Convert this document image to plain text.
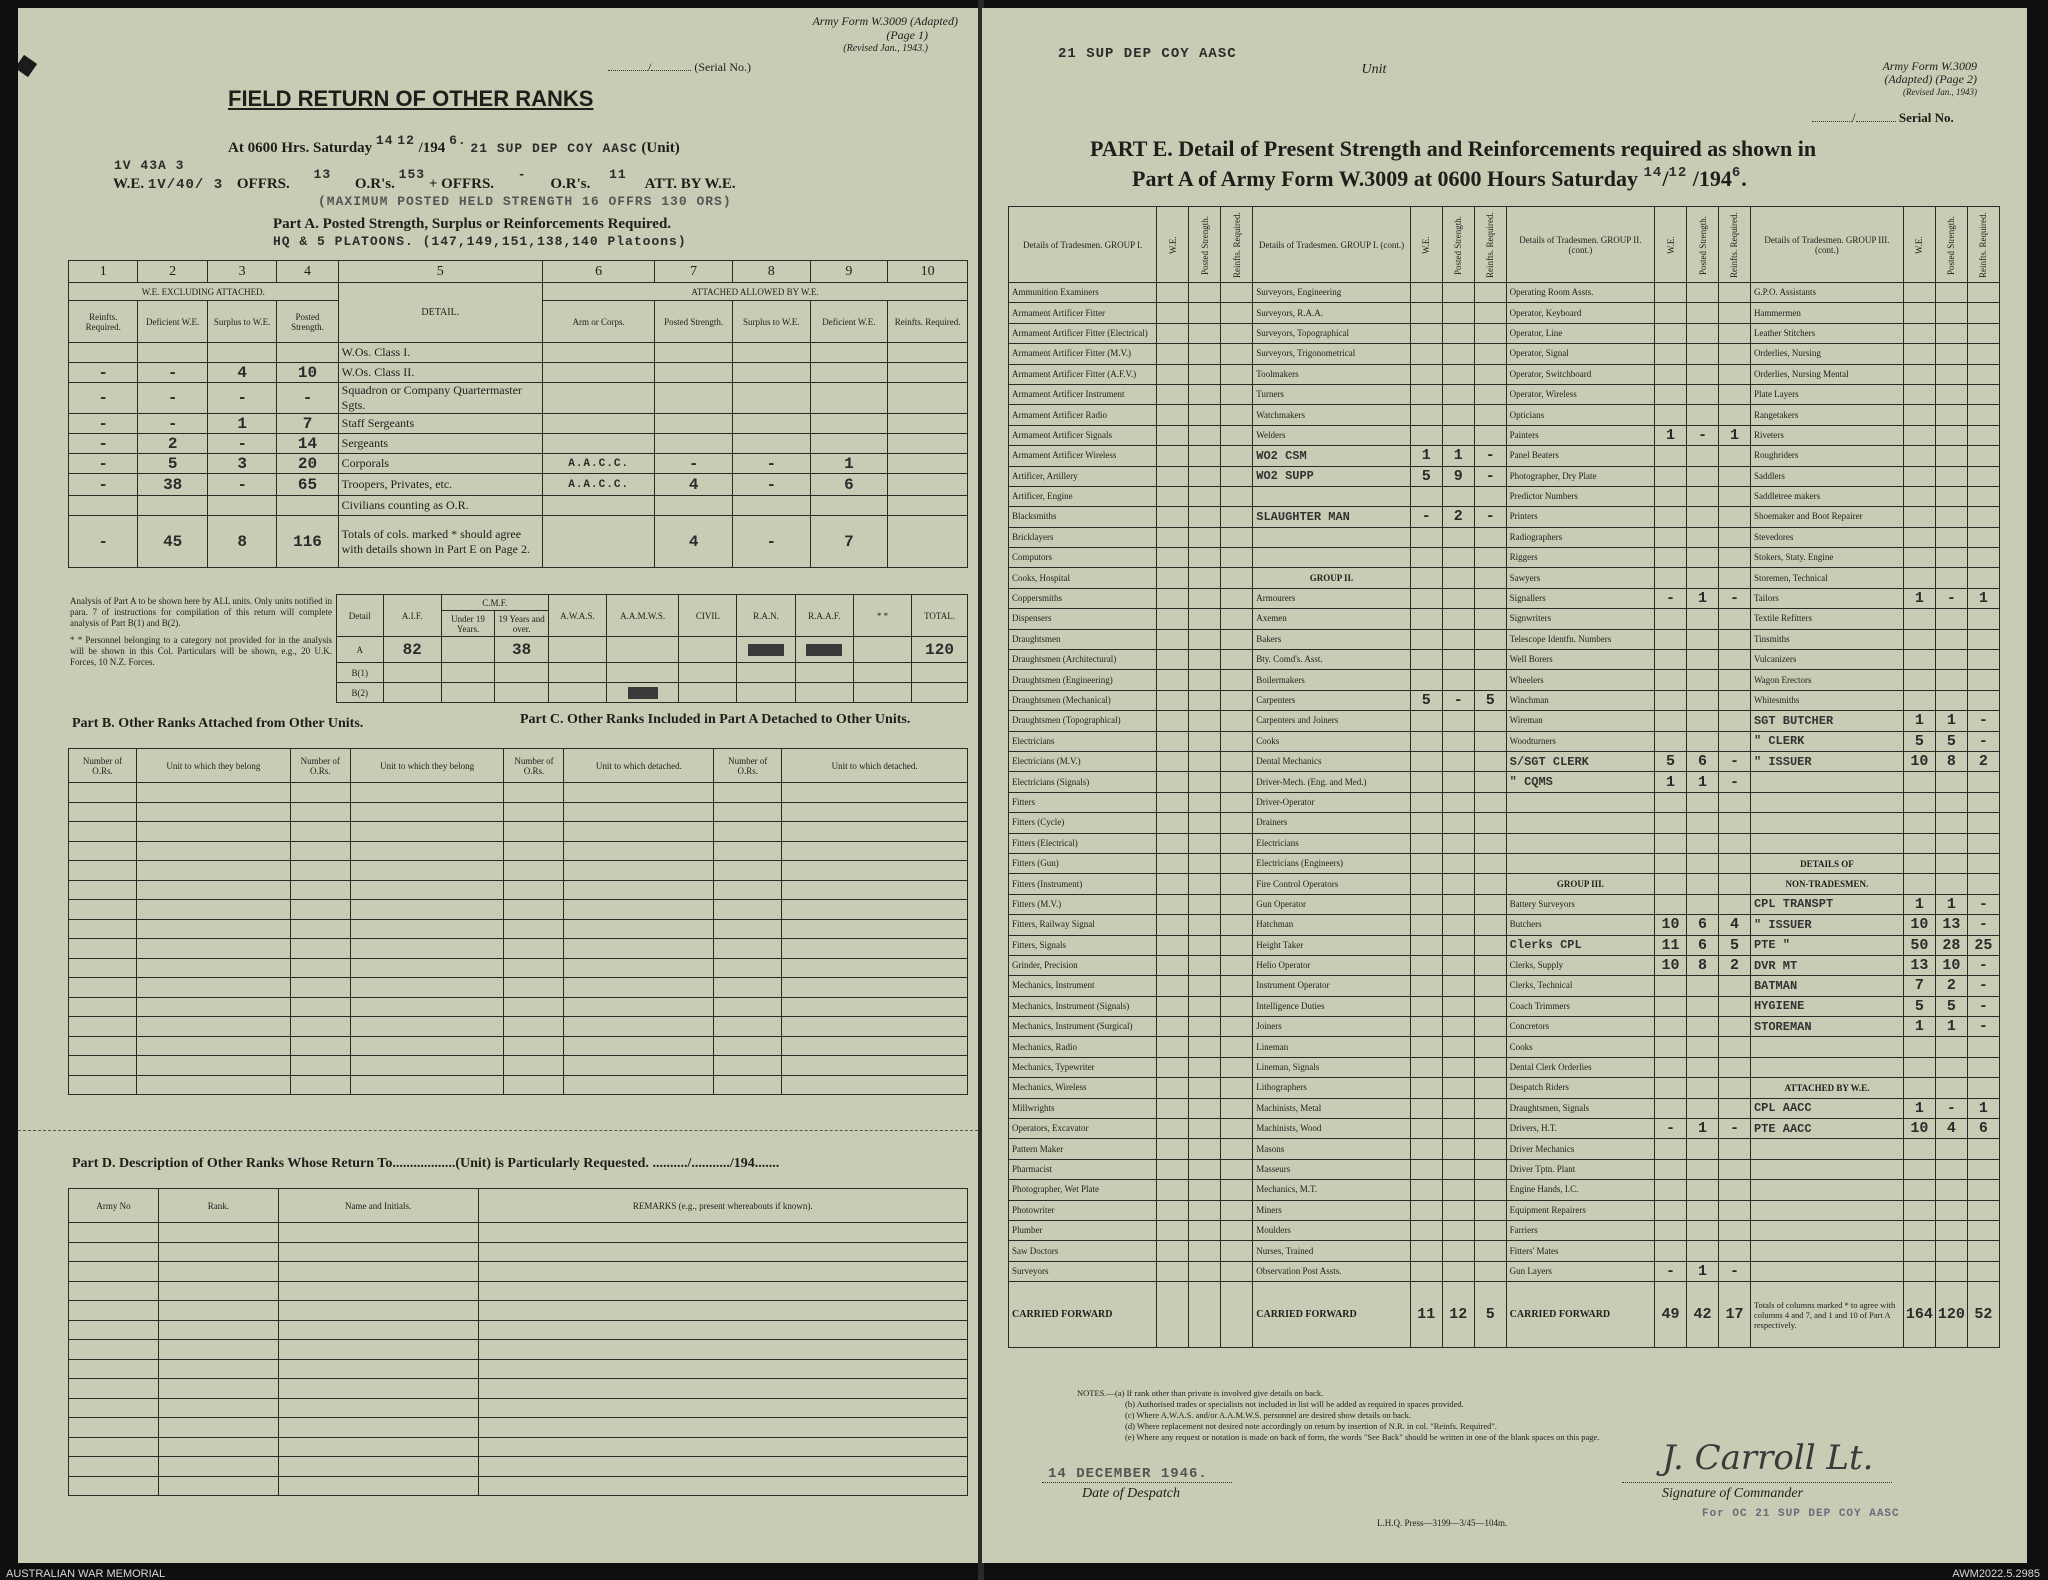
Army Form W.3009 (Adapted)
(Page 1)
(Revised Jan., 1943.)
/	(Serial No.)
FIELD RETURN OF OTHER RANKS
At 0600 Hrs. Saturday 14 12 /194 6. 21 SUP DEP COY AASC (Unit)
1V 43A 3
W.E. 1V/40/ 3 OFFRS. 13 O.R's. 153 + OFFRS. - O.R's. 11 ATT. BY W.E.
(MAXIMUM POSTED HELD STRENGTH 16 OFFRS 130 ORS)
Part A. Posted Strength, Surplus or Reinforcements Required.
HQ & 5 PLATOONS. (147,149,151,138,140 Platoons)
1	2	3	4	5	6	7	8	9	10
W.E. EXCLUDING ATTACHED.				DETAIL.	ATTACHED ALLOWED BY W.E.				
Reinfts. Required.	Deficient W.E.	Surplus to W.E.	Posted Strength.		Arm or Corps.	Posted Strength.	Surplus to W.E.	Deficient W.E.	Reinfts. Required.
				W.Os. Class I.					
-	-	4	10	W.Os. Class II.					
-	-	-	-	Squadron or Company Quartermaster Sgts.					
-	-	1	7	Staff Sergeants					
-	2	-	14	Sergeants					
-	5	3	20	Corporals	A.A.C.C.	-	-	1	
-	38	-	65	Troopers, Privates, etc.	A.A.C.C.	4	-	6	
				Civilians counting as O.R.					
-	45	8	116	Totals of cols. marked * should agree with details shown in Part E on Page 2.		4	-	7	
Analysis of Part A to be shown here by ALL units. Only units notified in para. 7 of instructions for compilation of this return will complete analysis of Part B(1) and B(2).
* * Personnel belonging to a category not provided for in the analysis will be shown in this Col. Particulars will be shown, e.g., 20 U.K. Forces, 10 N.Z. Forces.
Detail	A.I.F.	C.M.F.		A.W.A.S.	A.A.M.W.S.	CIVIL	R.A.N.	R.A.A.F.	* *	TOTAL.
		Under 19 Years.	19 Years and over.							
A	82		38							120
B(1)										
B(2)					

Part B. Other Ranks Attached from Other Units.	Part C. Other Ranks Included in Part A Detached to Other Units.
Number of O.Rs.	Unit to which they belong	Number of O.Rs.	Unit to which they belong	Number of O.Rs.	Unit to which detached.	Number of O.Rs.	Unit to which detached.

Part D. Description of Other Ranks Whose Return To..................(Unit) is Particularly Requested. ........../.........../194.......
Army No	Rank.	Name and Initials.	REMARKS (e.g., present whereabouts if known).

21 SUP DEP COY AASC Unit	Army Form W.3009
(Adapted) (Page 2)
(Revised Jan., 1943)
/	Serial No.
PART E. Detail of Present Strength and Reinforcements required as shown in
Part A of Army Form W.3009 at 0600 Hours Saturday $^{14}$/$^{12}$ $/194^6$.
Details of Tradesmen. GROUP I.	W.E.	Posted Strength.	Reinfts. Required.	Details of Tradesmen. GROUP I. (cont.)	W.E.	Posted Strength.	Reinfts. Required.	Details of Tradesmen. GROUP II. (cont.)	W.E.	Posted Strength.	Reinfts. Required.	Details of Tradesmen. GROUP III. (cont.)	W.E.	Posted Strength.	Reinfts. Required.
Ammunition Examiners				Surveyors, Engineering				Operating Room Assts.				G.P.O. Assistants			
Armament Artificer Fitter				Surveyors, R.A.A.				Operator, Keyboard				Hammermen			
Armament Artificer Fitter (Electrical)				Surveyors, Topographical				Operator, Line				Leather Stitchers			
Armament Artificer Fitter (M.V.)				Surveyors, Trigonometrical				Operator, Signal				Orderlies, Nursing			
Armament Artificer Fitter (A.F.V.)				Toolmakers				Operator, Switchboard				Orderlies, Nursing Mental			
Armament Artificer Instrument				Turners				Operator, Wireless				Plate Layers			
Armament Artificer Radio				Watchmakers				Opticians				Rangetakers			
Armament Artificer Signals				Welders				Painters	1	-	1	Riveters			
Armament Artificer Wireless				WO2 CSM	1	1	-	Panel Beaters				Roughriders			
Artificer, Artillery				WO2 SUPP	5	9	-	Photographer, Dry Plate				Saddlers			
Artificer, Engine								Predictor Numbers				Saddletree makers			
Blacksmiths				SLAUGHTER MAN	-	2	-	Printers				Shoemaker and Boot Repairer			
Bricklayers								Radiographers				Stevedores			
Computors								Riggers				Stokers, Staty. Engine			
Cooks, Hospital				GROUP II.				Sawyers				Storemen, Technical			
Coppersmiths				Armourers				Signallers	-	1	-	Tailors	1	-	1
Dispensers				Axemen				Signwriters				Textile Refitters			
Draughtsmen				Bakers				Telescope Identfn. Numbers				Tinsmiths			
Draughtsmen (Architectural)				Bty. Comd's. Asst.				Well Borers				Vulcanizers			
Draughtsmen (Engineering)				Boilermakers				Wheelers				Wagon Erectors			
Draughtsmen (Mechanical)				Carpenters	5	-	5	Winchman				Whitesmiths			
Draughtsmen (Topographical)				Carpenters and Joiners				Wireman				SGT BUTCHER	1	1	-
Electricians				Cooks				Woodturners				" CLERK	5	5	-
Electricians (M.V.)				Dental Mechanics				S/SGT CLERK	5	6	-	" ISSUER	10	8	2
Electricians (Signals)				Driver-Mech. (Eng. and Med.)				" CQMS	1	1	-				
Fitters				Driver-Operator											
Fitters (Cycle)				Drainers											
Fitters (Electrical)				Electricians											
Fitters (Gun)				Electricians (Engineers)								DETAILS OF			
Fitters (Instrument)				Fire Control Operators				GROUP III.				NON-TRADESMEN.			
Fitters (M.V.)				Gun Operator				Battery Surveyors				CPL TRANSPT	1	1	-
Fitters, Railway Signal				Hatchman				Butchers	10	6	4	" ISSUER	10	13	-
Fitters, Signals				Height Taker				Clerks CPL	11	6	5	PTE "	50	28	25
Grinder, Precision				Helio Operator				Clerks, Supply	10	8	2	DVR MT	13	10	-
Mechanics, Instrument				Instrument Operator				Clerks, Technical				BATMAN	7	2	-
Mechanics, Instrument (Signals)				Intelligence Duties				Coach Trimmers				HYGIENE	5	5	-
Mechanics, Instrument (Surgical)				Joiners				Concretors				STOREMAN	1	1	-
Mechanics, Radio				Lineman				Cooks							
Mechanics, Typewriter				Lineman, Signals				Dental Clerk Orderlies							
Mechanics, Wireless				Lithographers				Despatch Riders				ATTACHED BY W.E.			
Millwrights				Machinists, Metal				Draughtsmen, Signals				CPL AACC	1	-	1
Operators, Excavator				Machinists, Wood				Drivers, H.T.	-	1	-	PTE AACC	10	4	6
Pattern Maker				Masons				Driver Mechanics							
Pharmacist				Masseurs				Driver Tptn. Plant							
Photographer, Wet Plate				Mechanics, M.T.				Engine Hands, I.C.							
Photowriter				Miners				Equipment Repairers							
Plumber				Moulders				Farriers							
Saw Doctors				Nurses, Trained				Fitters' Mates							
Surveyors				Observation Post Assts.				Gun Layers	-	1	-				
CARRIED FORWARD				CARRIED FORWARD	11	12	5	CARRIED FORWARD	49	42	17	Totals of columns marked * to agree with columns 4 and 7, and 1 and 10 of Part A respectively.	164	120	52
NOTES.—(a) If rank other than private is involved give details on back.
(b) Authorised trades or specialists not included in list will be added as required in spaces provided.
(c) Where A.W.A.S. and/or A.A.M.W.S. personnel are desired show details on back.
(d) Where replacement not desired note accordingly on return by insertion of N.R. in col. "Reinfs. Required".
(e) Where any request or notation is made on back of form, the words "See Back" should be written in one of the blank spaces on this page.
14 DECEMBER 1946.
Date of Despatch
J. Carroll Lt.
Signature of Commander
For OC 21 SUP DEP COY AASC
L.H.Q. Press—3199—3/45—104m.
AUSTRALIAN WAR MEMORIAL	AWM2022.5.2985
